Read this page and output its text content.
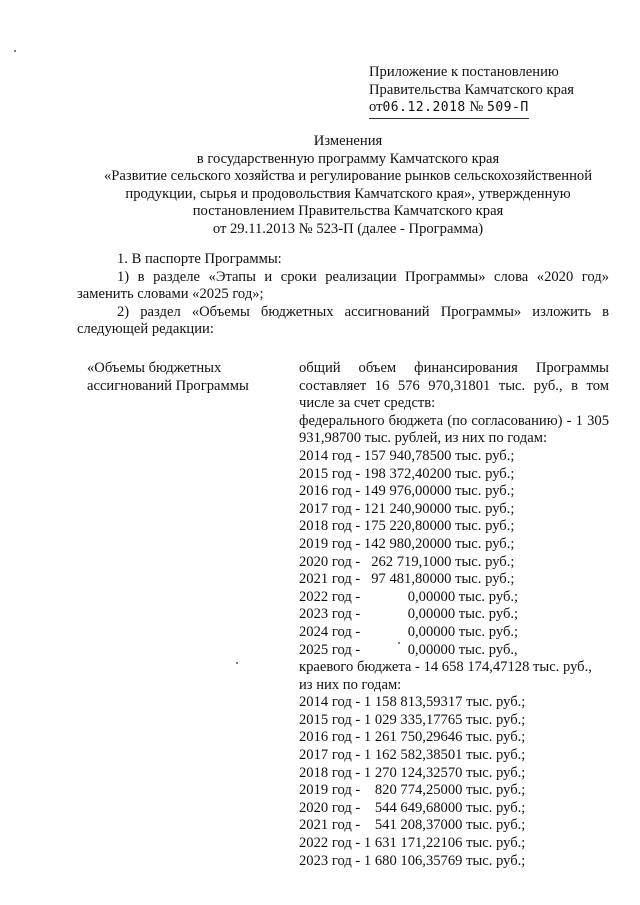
Приложение к постановлению
Правительства Камчатского края
от06.12.2018 № 509-П
Изменения
в государственную программу Камчатского края
«Развитие сельского хозяйства и регулирование рынков сельскохозяйственной
продукции, сырья и продовольствия Камчатского края», утвержденную
постановлением Правительства Камчатского края
от 29.11.2013 № 523-П (далее - Программа)
1. В паспорте Программы:
1) в разделе «Этапы и сроки реализации Программы» слова «2020 год» заменить словами «2025 год»;
2) раздел «Объемы бюджетных ассигнований Программы» изложить в следующей редакции:
«Объемы бюджетных
ассигнований Программы
общий объем финансирования Программы составляет 16 576 970,31801 тыс. руб., в том числе за счет средств:
федерального бюджета (по согласованию) - 1 305 931,98700 тыс. рублей, из них по годам:
2014 год - 157 940,78500 тыс. руб.;
2015 год - 198 372,40200 тыс. руб.;
2016 год - 149 976,00000 тыс. руб.;
2017 год - 121 240,90000 тыс. руб.;
2018 год - 175 220,80000 тыс. руб.;
2019 год - 142 980,20000 тыс. руб.;
2020 год -   262 719,1000 тыс. руб.;
2021 год -   97 481,80000 тыс. руб.;
2022 год -             0,00000 тыс. руб.;
2023 год -             0,00000 тыс. руб.;
2024 год -             0,00000 тыс. руб.;
2025 год -             0,00000 тыс. руб.,
краевого бюджета - 14 658 174,47128 тыс. руб.,
из них по годам:
2014 год - 1 158 813,59317 тыс. руб.;
2015 год - 1 029 335,17765 тыс. руб.;
2016 год - 1 261 750,29646 тыс. руб.;
2017 год - 1 162 582,38501 тыс. руб.;
2018 год - 1 270 124,32570 тыс. руб.;
2019 год -    820 774,25000 тыс. руб.;
2020 год -    544 649,68000 тыс. руб.;
2021 год -    541 208,37000 тыс. руб.;
2022 год - 1 631 171,22106 тыс. руб.;
2023 год - 1 680 106,35769 тыс. руб.;
